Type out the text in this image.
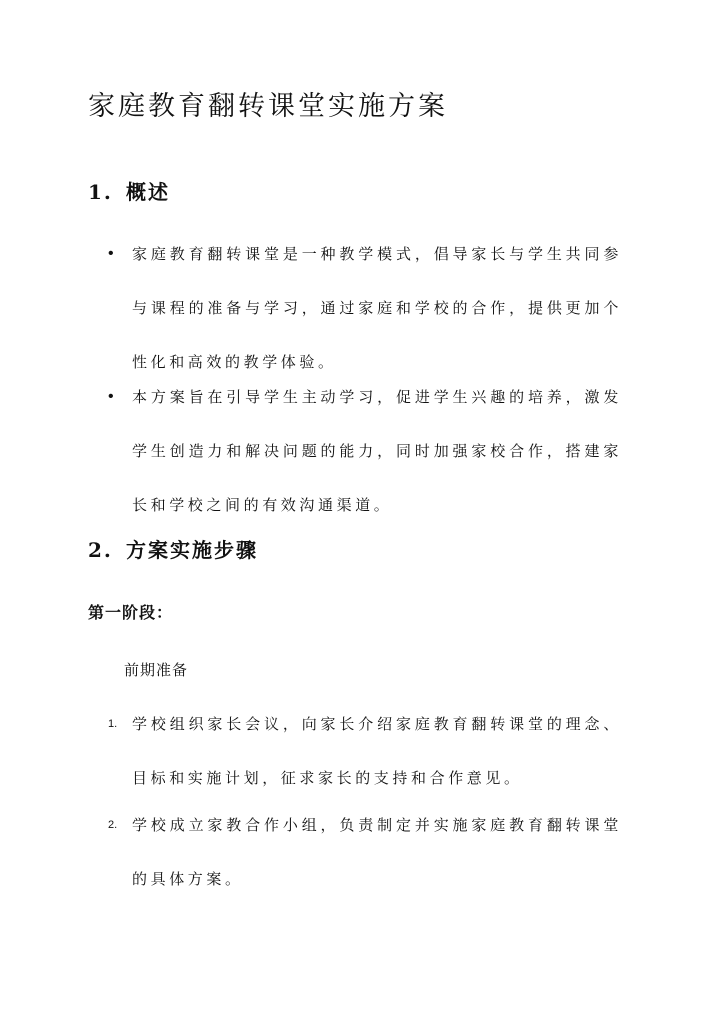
家庭教育翻转课堂实施方案
1. 概述
•	家庭教育翻转课堂是一种教学模式，倡导家长与学生共同参与课程的准备与学习，通过家庭和学校的合作，提供更加个性化和高效的教学体验。
•	本方案旨在引导学生主动学习，促进学生兴趣的培养，激发学生创造力和解决问题的能力，同时加强家校合作，搭建家长和学校之间的有效沟通渠道。
2. 方案实施步骤
第一阶段：
前期准备
1. 学校组织家长会议，向家长介绍家庭教育翻转课堂的理念、目标和实施计划，征求家长的支持和合作意见。
2. 学校成立家教合作小组，负责制定并实施家庭教育翻转课堂的具体方案。
